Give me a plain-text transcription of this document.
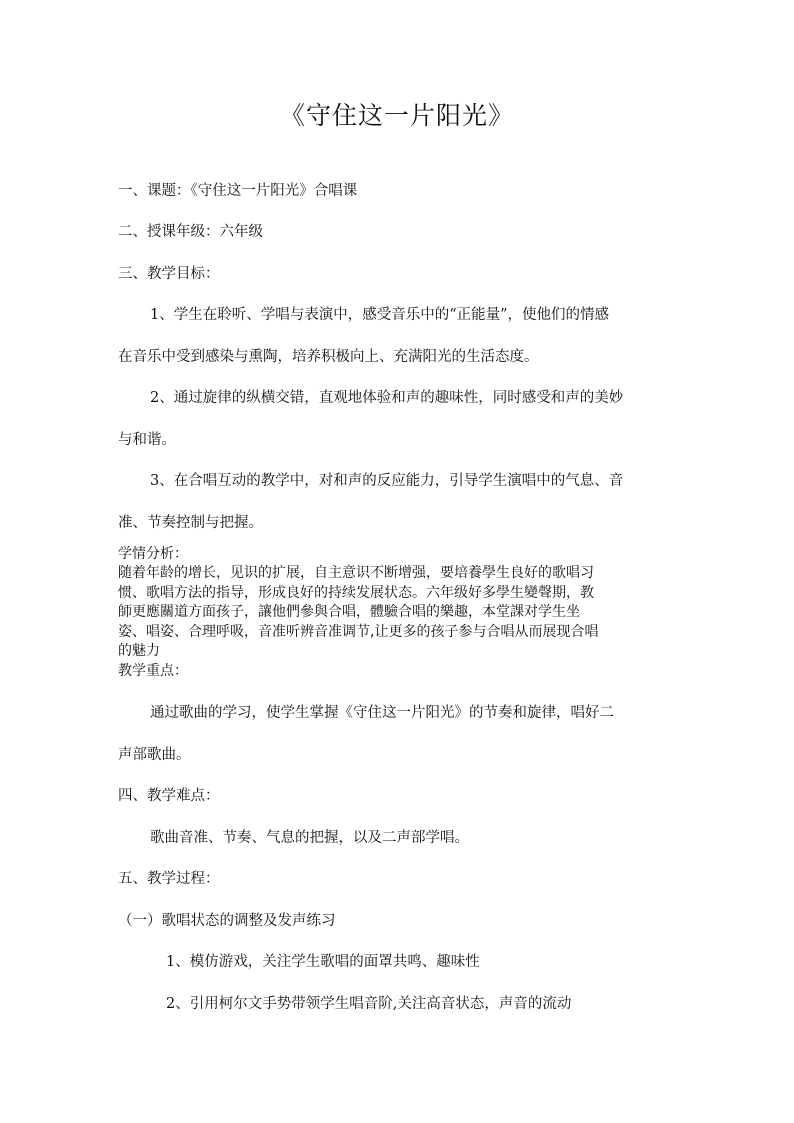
《守住这一片阳光》

一、课题：《守住这一片阳光》合唱课

二、授课年级：六年级

三、教学目标：

1、学生在聆听、学唱与表演中，感受音乐中的“正能量”，使他们的情感

在音乐中受到感染与熏陶，培养积极向上、充满阳光的生活态度。

2、通过旋律的纵横交错，直观地体验和声的趣味性，同时感受和声的美妙

与和谐。

3、在合唱互动的教学中，对和声的反应能力，引导学生演唱中的气息、音

准、节奏控制与把握。

学情分析：

随着年龄的增长，见识的扩展，自主意识不断增强，要培養學生良好的歌唱习

惯、歌唱方法的指导，形成良好的持续发展状态。六年级好多學生變聲期，教

師更應關道方面孩子，讓他們參與合唱，體驗合唱的樂趣，本堂課对学生坐

姿、唱姿、合理呼吸，音准听辨音准调节,让更多的孩子参与合唱从而展现合唱

的魅力

教学重点：

通过歌曲的学习，使学生掌握《守住这一片阳光》的节奏和旋律，唱好二

声部歌曲。

四、教学难点：

歌曲音准、节奏、气息的把握，以及二声部学唱。

五、教学过程：

（一）歌唱状态的调整及发声练习

1、模仿游戏，关注学生歌唱的面罩共鸣、趣味性

2、引用柯尔文手势带领学生唱音阶,关注高音状态，声音的流动
